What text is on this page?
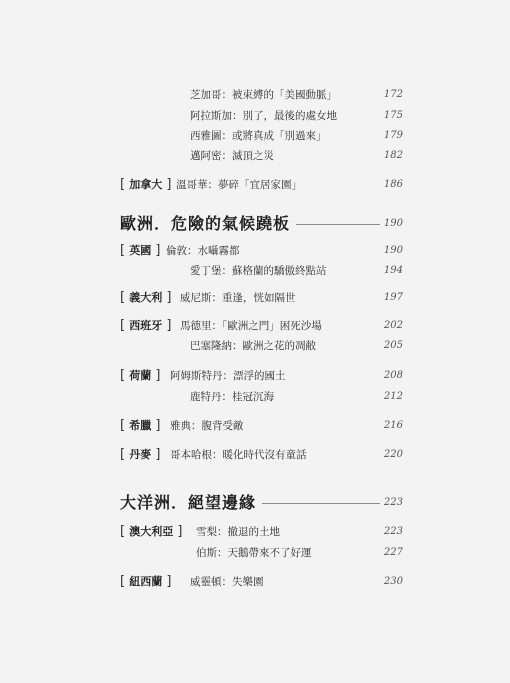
芝加哥：被束縛的「美國動脈」	172
阿拉斯加：別了，最後的處女地	175
西雅圖：或將真成「別過來」	179
邁阿密：滅頂之災	182
[ 加拿大 ] 溫哥華：夢碎「宜居家園」	186
歐洲．危險的氣候蹺板	190
[ 英國 ] 倫敦：水囁霧都	190
愛丁堡：蘇格蘭的驕傲終點站	194
[ 義大利 ] 威尼斯：重逢，恍如隔世	197
[ 西班牙 ] 馬德里：「歐洲之門」困死沙場	202
巴塞隆納：歐洲之花的凋敝	205
[ 荷蘭 ] 阿姆斯特丹：漂浮的國土	208
鹿特丹：桂冠沉海	212
[ 希臘 ] 雅典：腹背受敵	216
[ 丹麥 ] 哥本哈根：暖化時代沒有童話	220
大洋洲．絕望邊緣	223
[ 澳大利亞 ] 雪梨：撤退的土地	223
伯斯：天鵝帶來不了好運	227
[ 紐西蘭 ] 威靈頓：失樂園	230
